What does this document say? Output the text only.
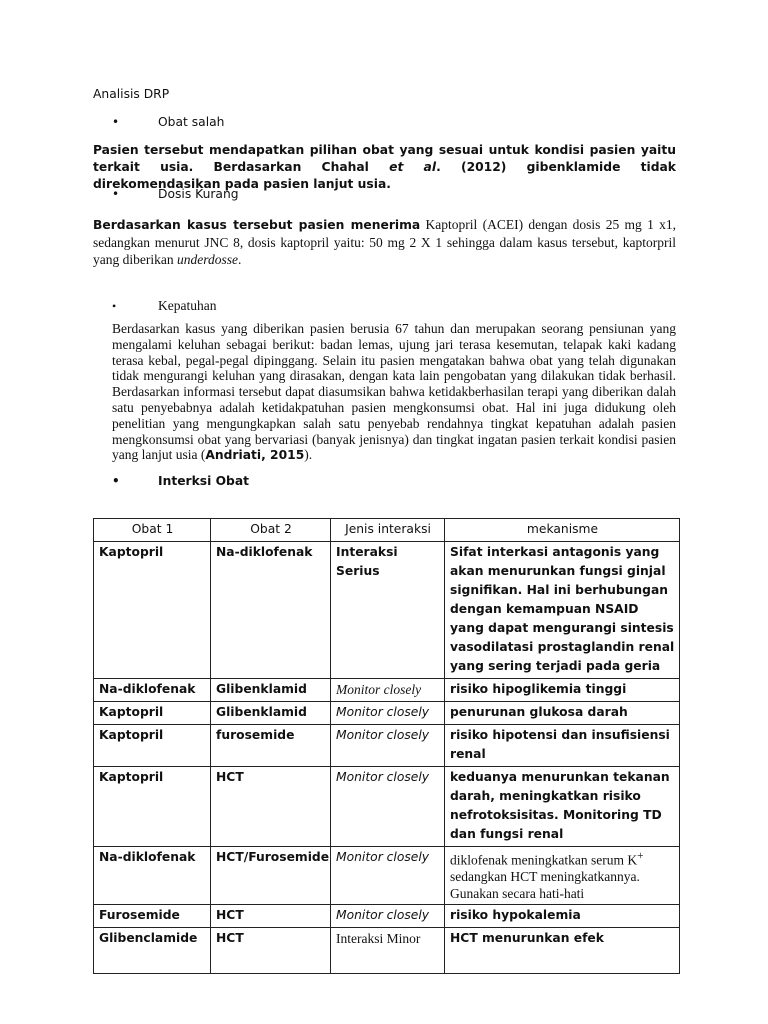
Analisis DRP
•	Obat salah

Pasien tersebut mendapatkan pilihan obat yang sesuai untuk kondisi pasien yaitu terkait usia. Berdasarkan Chahal et al. (2012) gibenklamide tidak direkomendasikan pada pasien lanjut usia.

•	Dosis Kurang

Berdasarkan kasus tersebut pasien menerima Kaptopril (ACEI) dengan dosis 25 mg 1 x1, sedangkan menurut JNC 8, dosis kaptopril yaitu: 50 mg 2 X 1 sehingga dalam kasus tersebut, kaptorpril yang diberikan underdosse.

•	Kepatuhan

Berdasarkan kasus yang diberikan pasien berusia 67 tahun dan merupakan seorang pensiunan yang mengalami keluhan sebagai berikut: badan lemas, ujung jari terasa kesemutan, telapak kaki kadang terasa kebal, pegal-pegal dipinggang. Selain itu pasien mengatakan bahwa obat yang telah digunakan tidak mengurangi keluhan yang dirasakan, dengan kata lain pengobatan yang dilakukan tidak berhasil. Berdasarkan informasi tersebut dapat diasumsikan bahwa ketidakberhasilan terapi yang diberikan dalah satu penyebabnya adalah ketidakpatuhan pasien mengkonsumsi obat. Hal ini juga didukung oleh penelitian yang mengungkapkan salah satu penyebab rendahnya tingkat kepatuhan adalah pasien mengkonsumsi obat yang bervariasi (banyak jenisnya) dan tingkat ingatan pasien terkait kondisi pasien yang lanjut usia (Andriati, 2015).

•	Interksi Obat
Obat 1	Obat 2	Jenis interaksi	mekanisme
Kaptopril	Na-diklofenak	Interaksi Serius	Sifat interkasi antagonis yang akan menurunkan fungsi ginjal signifikan. Hal ini berhubungan dengan kemampuan NSAID yang dapat mengurangi sintesis vasodilatasi prostaglandin renal yang sering terjadi pada geria
Na-diklofenak	Glibenklamid	Monitor closely	risiko hipoglikemia tinggi
Kaptopril	Glibenklamid	Monitor closely	penurunan glukosa darah
Kaptopril	furosemide	Monitor closely	risiko hipotensi dan insufisiensi renal
Kaptopril	HCT	Monitor closely	keduanya menurunkan tekanan darah, meningkatkan risiko nefrotoksisitas. Monitoring TD dan fungsi renal
Na-diklofenak	HCT/Furosemide	Monitor closely	diklofenak meningkatkan serum K+ sedangkan HCT meningkatkannya. Gunakan secara hati-hati
Furosemide	HCT	Monitor closely	risiko hypokalemia
Glibenclamide	HCT	Interaksi Minor	HCT menurunkan efek
